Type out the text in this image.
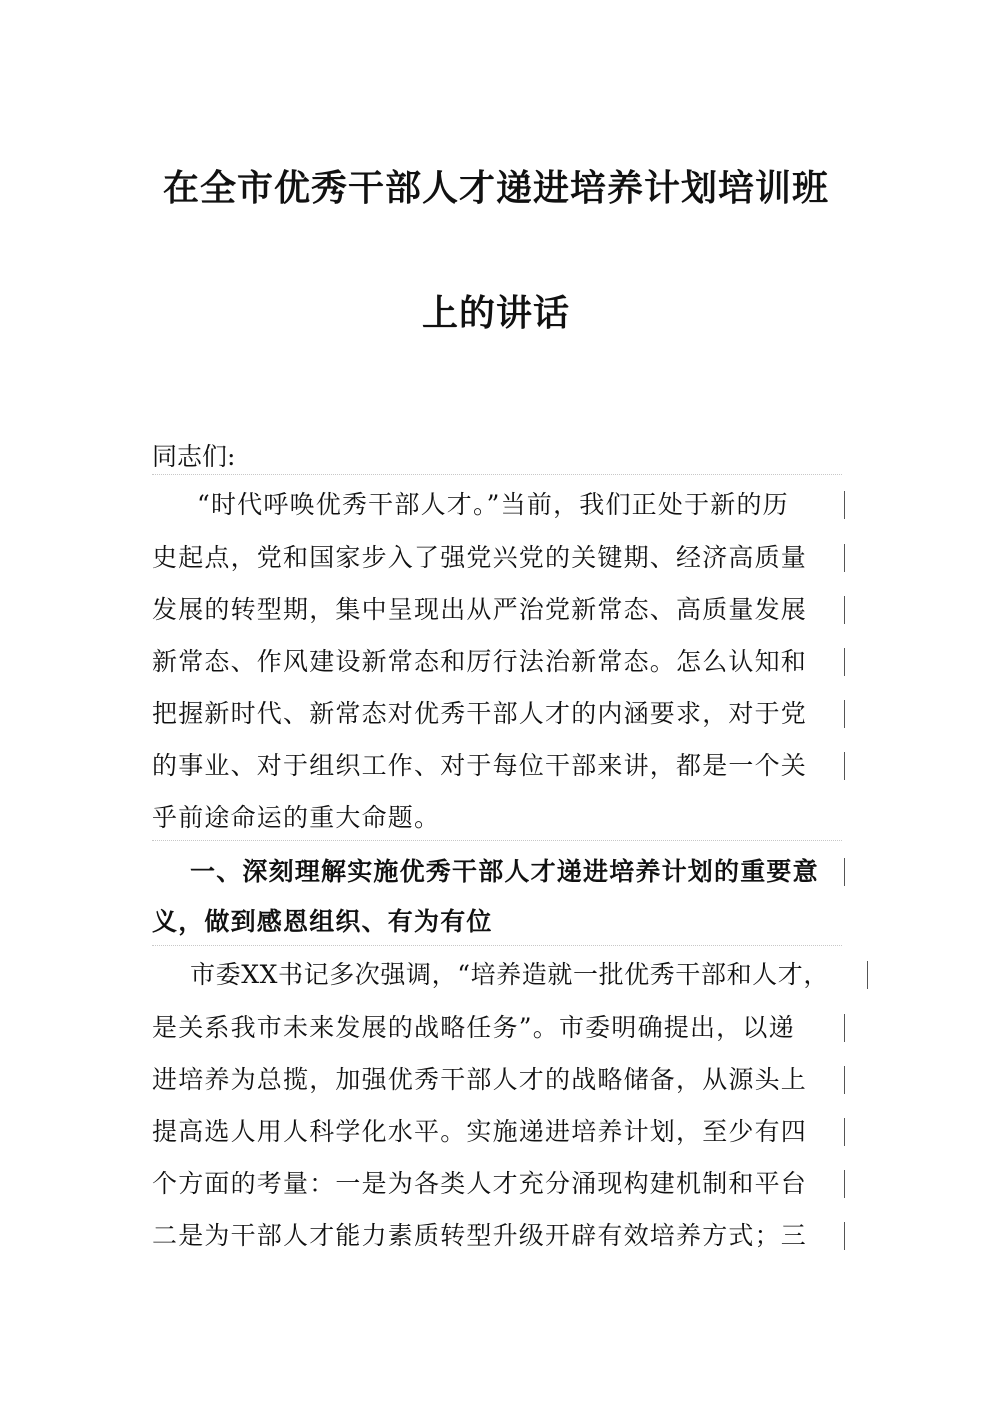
在全市优秀干部人才递进培养计划培训班
上的讲话
同志们:
“时代呼唤优秀干部人才。”当前，我们正处于新的历
史起点，党和国家步入了强党兴党的关键期、经济高质量
发展的转型期，集中呈现出从严治党新常态、高质量发展
新常态、作风建设新常态和厉行法治新常态。怎么认知和
把握新时代、新常态对优秀干部人才的内涵要求，对于党
的事业、对于组织工作、对于每位干部来讲，都是一个关
乎前途命运的重大命题。
一、深刻理解实施优秀干部人才递进培养计划的重要意
义，做到感恩组织、有为有位
市委XX书记多次强调，“培养造就一批优秀干部和人才，
是关系我市未来发展的战略任务”。市委明确提出，以递
进培养为总揽，加强优秀干部人才的战略储备，从源头上
提高选人用人科学化水平。实施递进培养计划，至少有四
个方面的考量：一是为各类人才充分涌现构建机制和平台
二是为干部人才能力素质转型升级开辟有效培养方式；三
